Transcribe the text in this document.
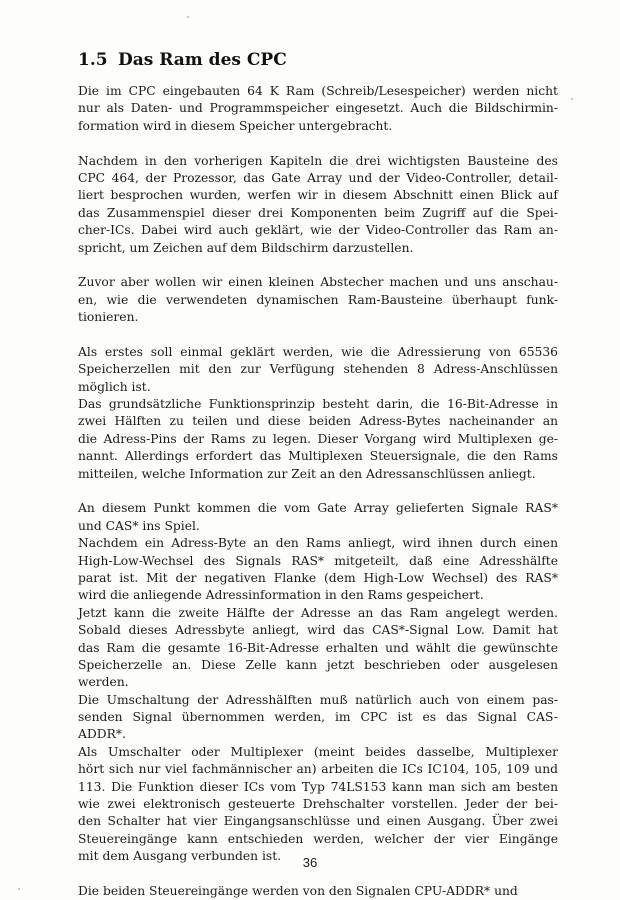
1.5 Das Ram des CPC
Die im CPC eingebauten 64 K Ram (Schreib/Lesespeicher) werden nicht
nur als Daten- und Programmspeicher eingesetzt. Auch die Bildschirmin-
formation wird in diesem Speicher untergebracht.
Nachdem in den vorherigen Kapiteln die drei wichtigsten Bausteine des
CPC 464, der Prozessor, das Gate Array und der Video-Controller, detail-
liert besprochen wurden, werfen wir in diesem Abschnitt einen Blick auf
das Zusammenspiel dieser drei Komponenten beim Zugriff auf die Spei-
cher-ICs. Dabei wird auch geklärt, wie der Video-Controller das Ram an-
spricht, um Zeichen auf dem Bildschirm darzustellen.
Zuvor aber wollen wir einen kleinen Abstecher machen und uns anschau-
en, wie die verwendeten dynamischen Ram-Bausteine überhaupt funk-
tionieren.
Als erstes soll einmal geklärt werden, wie die Adressierung von 65536
Speicherzellen mit den zur Verfügung stehenden 8 Adress-Anschlüssen
möglich ist.
Das grundsätzliche Funktionsprinzip besteht darin, die 16-Bit-Adresse in
zwei Hälften zu teilen und diese beiden Adress-Bytes nacheinander an
die Adress-Pins der Rams zu legen. Dieser Vorgang wird Multiplexen ge-
nannt. Allerdings erfordert das Multiplexen Steuersignale, die den Rams
mitteilen, welche Information zur Zeit an den Adressanschlüssen anliegt.
An diesem Punkt kommen die vom Gate Array gelieferten Signale RAS*
und CAS* ins Spiel.
Nachdem ein Adress-Byte an den Rams anliegt, wird ihnen durch einen
High-Low-Wechsel des Signals RAS* mitgeteilt, daß eine Adresshälfte
parat ist. Mit der negativen Flanke (dem High-Low Wechsel) des RAS*
wird die anliegende Adressinformation in den Rams gespeichert.
Jetzt kann die zweite Hälfte der Adresse an das Ram angelegt werden.
Sobald dieses Adressbyte anliegt, wird das CAS*-Signal Low. Damit hat
das Ram die gesamte 16-Bit-Adresse erhalten und wählt die gewünschte
Speicherzelle an. Diese Zelle kann jetzt beschrieben oder ausgelesen
werden.
Die Umschaltung der Adresshälften muß natürlich auch von einem pas-
senden Signal übernommen werden, im CPC ist es das Signal CAS-
ADDR*.
Als Umschalter oder Multiplexer (meint beides dasselbe, Multiplexer
hört sich nur viel fachmännischer an) arbeiten die ICs IC104, 105, 109 und
113. Die Funktion dieser ICs vom Typ 74LS153 kann man sich am besten
wie zwei elektronisch gesteuerte Drehschalter vorstellen. Jeder der bei-
den Schalter hat vier Eingangsanschlüsse und einen Ausgang. Über zwei
Steuereingänge kann entschieden werden, welcher der vier Eingänge
mit dem Ausgang verbunden ist.
Die beiden Steuereingänge werden von den Signalen CPU-ADDR* und
36
